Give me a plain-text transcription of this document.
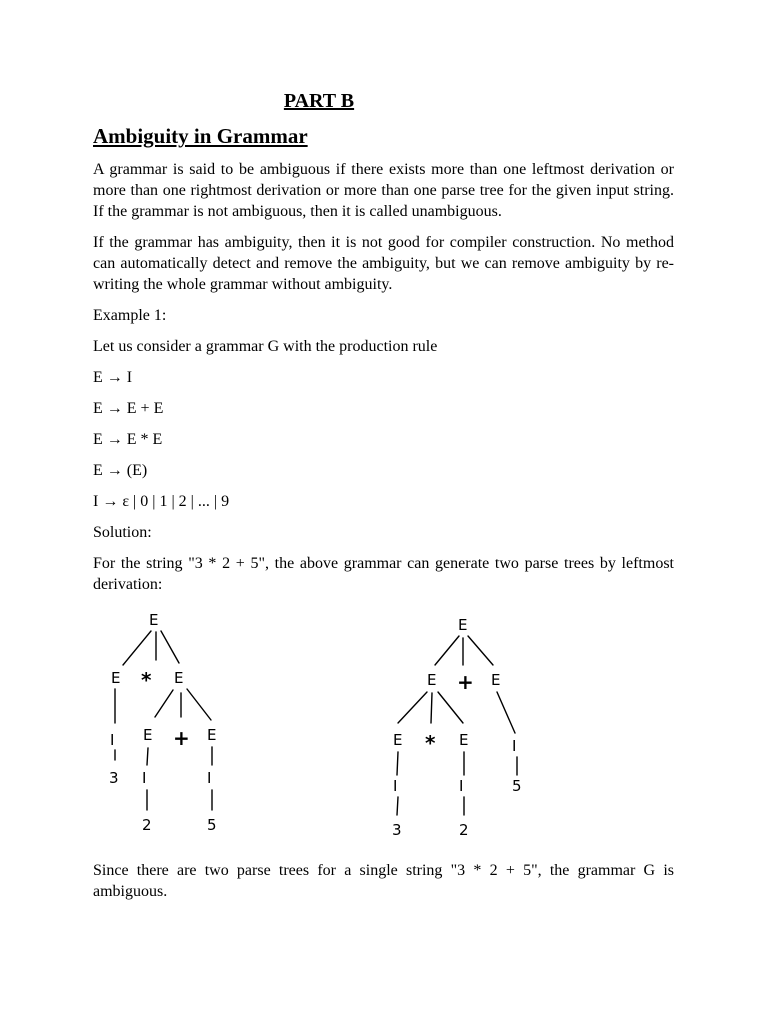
PART B
Ambiguity in Grammar

A grammar is said to be ambiguous if there exists more than one leftmost derivation or more than one rightmost derivation or more than one parse tree for the given input string. If the grammar is not ambiguous, then it is called unambiguous.

If the grammar has ambiguity, then it is not good for compiler construction. No method can automatically detect and remove the ambiguity, but we can remove ambiguity by re-writing the whole grammar without ambiguity.

Example 1:

Let us consider a grammar G with the production rule

E → I

E → E + E

E → E * E

E → (E)

I → ε | 0 | 1 | 2 | ... | 9

Solution:

For the string "3 * 2 + 5", the above grammar can generate two parse trees by leftmost derivation:

E
E * E
I E + E
3 I	I
2	5
E
E + E
E * E	I
I	I	5
3	2

Since there are two parse trees for a single string "3 * 2 + 5", the grammar G is ambiguous.
